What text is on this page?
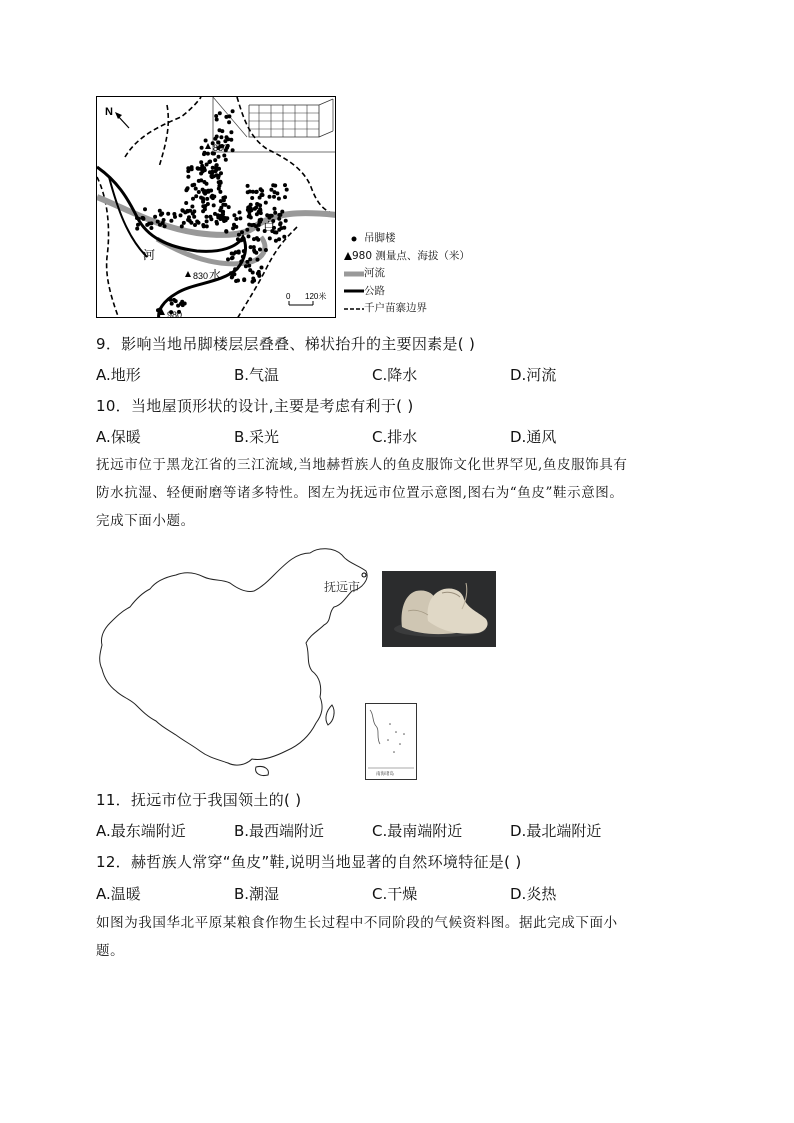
N
880
830
980
白
河
水
0 120米
吊脚楼
980 测量点、海拔（米）
河流
公路
千户苗寨边界
9．影响当地吊脚楼层层叠叠、梯状抬升的主要因素是( )
A.地形	B.气温	C.降水	D.河流
10．当地屋顶形状的设计,主要是考虑有利于( )
A.保暖	B.采光	C.排水	D.通风
抚远市位于黑龙江省的三江流域,当地赫哲族人的鱼皮服饰文化世界罕见,鱼皮服饰具有
防水抗湿、轻便耐磨等诸多特性。图左为抚远市位置示意图,图右为“鱼皮”鞋示意图。
完成下面小题。
抚远市
南海诸岛
11．抚远市位于我国领土的( )
A.最东端附近	B.最西端附近	C.最南端附近	D.最北端附近
12．赫哲族人常穿“鱼皮”鞋,说明当地显著的自然环境特征是( )
A.温暖	B.潮湿	C.干燥	D.炎热
如图为我国华北平原某粮食作物生长过程中不同阶段的气候资料图。据此完成下面小
题。
